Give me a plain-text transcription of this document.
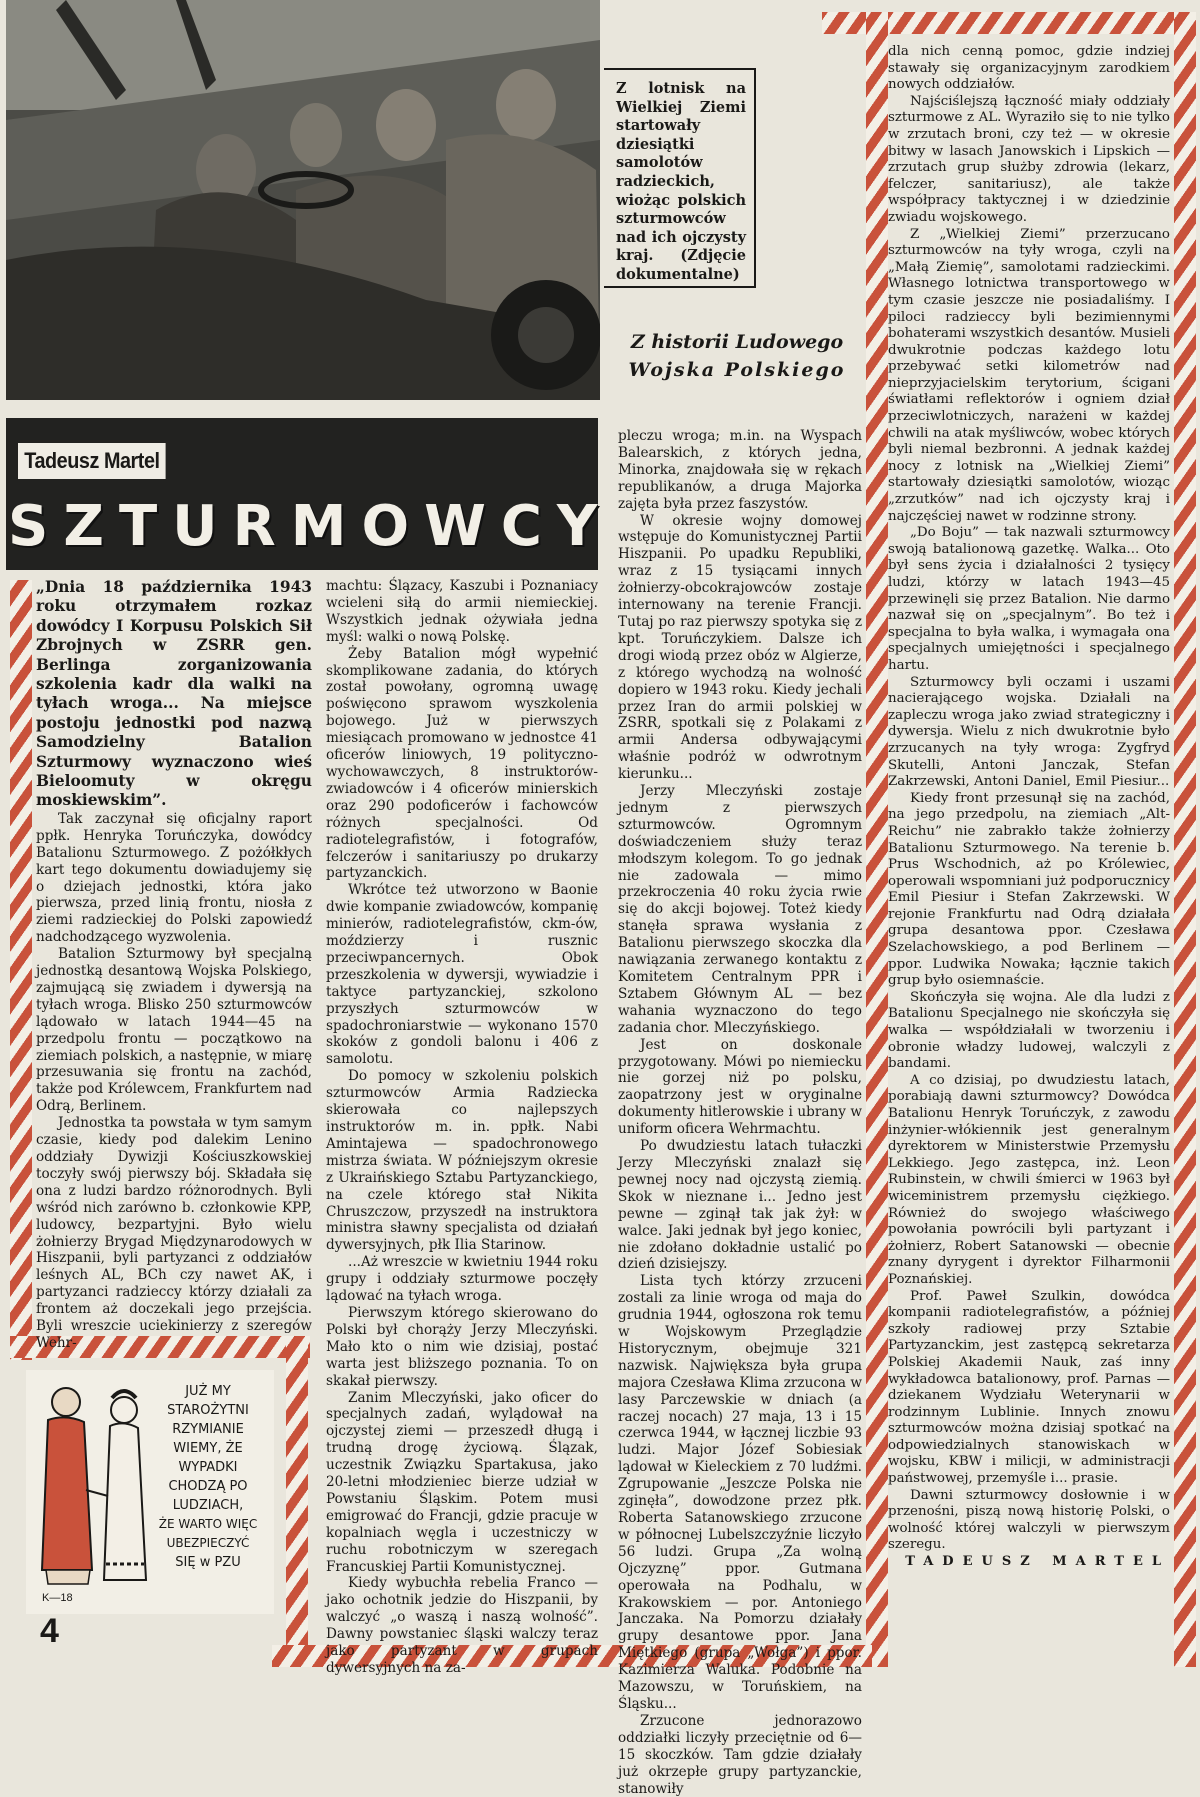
Z lotnisk na Wielkiej Ziemi startowały dziesiątki samolotów radzieckich, wiożąc polskich szturmowców nad ich ojczysty kraj. (Zdjęcie dokumentalne)
Z historii Ludowego
Wojska Polskiego
Tadeusz Martel
SZTURMOWCY

„Dnia 18 października 1943 roku otrzymałem rozkaz dowódcy I Korpusu Polskich Sił Zbrojnych w ZSRR gen. Berlinga zorganizowania szkolenia kadr dla walki na tyłach wroga... Na miejsce postoju jednostki pod nazwą Samodzielny Batalion Szturmowy wyznaczono wieś Bieloomuty w okręgu moskiewskim”.

Tak zaczynał się oficjalny raport ppłk. Henryka Toruńczyka, dowódcy Batalionu Szturmowego. Z pożółkłych kart tego dokumentu dowiadujemy się o dziejach jednostki, która jako pierwsza, przed linią frontu, niosła z ziemi radzieckiej do Polski zapowiedź nadchodzącego wyzwolenia.

Batalion Szturmowy był specjalną jednostką desantową Wojska Polskiego, zajmującą się zwiadem i dywersją na tyłach wroga. Blisko 250 szturmowców lądowało w latach 1944—45 na przedpolu frontu — początkowo na ziemiach polskich, a następnie, w miarę przesuwania się frontu na zachód, także pod Królewcem, Frankfurtem nad Odrą, Berlinem.

Jednostka ta powstała w tym samym czasie, kiedy pod dalekim Lenino oddziały Dywizji Kościuszkowskiej toczyły swój pierwszy bój. Składała się ona z ludzi bardzo różnorodnych. Byli wśród nich zarówno b. członkowie KPP, ludowcy, bezpartyjni. Było wielu żołnierzy Brygad Międzynarodowych w Hiszpanii, byli partyzanci z oddziałów leśnych AL, BCh czy nawet AK, i partyzanci radzieccy którzy działali za frontem aż doczekali jego przejścia. Byli wreszcie uciekinierzy z szeregów Wehr-

machtu: Ślązacy, Kaszubi i Poznaniacy wcieleni siłą do armii niemieckiej. Wszystkich jednak ożywiała jedna myśl: walki o nową Polskę.

Żeby Batalion mógł wypełnić skomplikowane zadania, do których został powołany, ogromną uwagę poświęcono sprawom wyszkolenia bojowego. Już w pierwszych miesiącach promowano w jednostce 41 oficerów liniowych, 19 polityczno-wychowawczych, 8 instruktorów-zwiadowców i 4 oficerów minierskich oraz 290 podoficerów i fachowców różnych specjalności. Od radiotelegrafistów, i fotografów, felczerów i sanitariuszy po drukarzy partyzanckich.

Wkrótce też utworzono w Baonie dwie kompanie zwiadowców, kompanię minierów, radiotelegrafistów, ckm-ów, moździerzy i rusznic przeciwpancernych. Obok przeszkolenia w dywersji, wywiadzie i taktyce partyzanckiej, szkolono przyszłych szturmowców w spadochroniarstwie — wykonano 1570 skoków z gondoli balonu i 406 z samolotu.

Do pomocy w szkoleniu polskich szturmowców Armia Radziecka skierowała co najlepszych instruktorów m. in. ppłk. Nabi Amintajewa — spadochronowego mistrza świata. W późniejszym okresie z Ukraińskiego Sztabu Partyzanckiego, na czele którego stał Nikita Chruszczow, przyszedł na instruktora ministra sławny specjalista od działań dywersyjnych, płk Ilia Starinow.

...Aż wreszcie w kwietniu 1944 roku grupy i oddziały szturmowe poczęły lądować na tyłach wroga.

Pierwszym którego skierowano do Polski był chorąży Jerzy Mleczyński. Mało kto o nim wie dzisiaj, postać warta jest bliższego poznania. To on skakał pierwszy.

Zanim Mleczyński, jako oficer do specjalnych zadań, wylądował na ojczystej ziemi — przeszedł długą i trudną drogę życiową. Ślązak, uczestnik Związku Spartakusa, jako 20-letni młodzieniec bierze udział w Powstaniu Śląskim. Potem musi emigrować do Francji, gdzie pracuje w kopalniach węgla i uczestniczy w ruchu robotniczym w szeregach Francuskiej Partii Komunistycznej.

Kiedy wybuchła rebelia Franco — jako ochotnik jedzie do Hiszpanii, by walczyć „o waszą i naszą wolność”. Dawny powstaniec śląski walczy teraz jako partyzant w grupach dywersyjnych na za-

pleczu wroga; m.in. na Wyspach Balearskich, z których jedna, Minorka, znajdowała się w rękach republikanów, a druga Majorka zajęta była przez faszystów.

W okresie wojny domowej wstępuje do Komunistycznej Partii Hiszpanii. Po upadku Republiki, wraz z 15 tysiącami innych żołnierzy-obcokrajowców zostaje internowany na terenie Francji. Tutaj po raz pierwszy spotyka się z kpt. Toruńczykiem. Dalsze ich drogi wiodą przez obóz w Algierze, z którego wychodzą na wolność dopiero w 1943 roku. Kiedy jechali przez Iran do armii polskiej w ZSRR, spotkali się z Polakami z armii Andersa odbywającymi właśnie podróż w odwrotnym kierunku...

Jerzy Mleczyński zostaje jednym z pierwszych szturmowców. Ogromnym doświadczeniem służy teraz młodszym kolegom. To go jednak nie zadowala — mimo przekroczenia 40 roku życia rwie się do akcji bojowej. Toteż kiedy stanęła sprawa wysłania z Batalionu pierwszego skoczka dla nawiązania zerwanego kontaktu z Komitetem Centralnym PPR i Sztabem Głównym AL — bez wahania wyznaczono do tego zadania chor. Mleczyńskiego.

Jest on doskonale przygotowany. Mówi po niemiecku nie gorzej niż po polsku, zaopatrzony jest w oryginalne dokumenty hitlerowskie i ubrany w uniform oficera Wehrmachtu.

Po dwudziestu latach tułaczki Jerzy Mleczyński znalazł się pewnej nocy nad ojczystą ziemią. Skok w nieznane i... Jedno jest pewne — zginął tak jak żył: w walce. Jaki jednak był jego koniec, nie zdołano dokładnie ustalić po dzień dzisiejszy.

Lista tych którzy zrzuceni zostali za linie wroga od maja do grudnia 1944, ogłoszona rok temu w Wojskowym Przeglądzie Historycznym, obejmuje 321 nazwisk. Największa była grupa majora Czesława Klima zrzucona w lasy Parczewskie w dniach (a raczej nocach) 27 maja, 13 i 15 czerwca 1944, w łącznej liczbie 93 ludzi. Major Józef Sobiesiak lądował w Kieleckiem z 70 ludźmi. Zgrupowanie „Jeszcze Polska nie zginęła”, dowodzone przez płk. Roberta Satanowskiego zrzucone w północnej Lubelszczyźnie liczyło 56 ludzi. Grupa „Za wolną Ojczyznę” ppor. Gutmana operowała na Podhalu, w Krakowskiem — por. Antoniego Janczaka. Na Pomorzu działały grupy desantowe ppor. Jana Miętkiego (grupa „Wołga”) i ppor. Kazimierza Waluka. Podobnie na Mazowszu, w Toruńskiem, na Śląsku...

Zrzucone jednorazowo oddziałki liczyły przeciętnie od 6—15 skoczków. Tam gdzie działały już okrzepłe grupy partyzanckie, stanowiły

dla nich cenną pomoc, gdzie indziej stawały się organizacyjnym zarodkiem nowych oddziałów.

Najściślejszą łączność miały oddziały szturmowe z AL. Wyraziło się to nie tylko w zrzutach broni, czy też — w okresie bitwy w lasach Janowskich i Lipskich — zrzutach grup służby zdrowia (lekarz, felczer, sanitariusz), ale także współpracy taktycznej i w dziedzinie zwiadu wojskowego.

Z „Wielkiej Ziemi” przerzucano szturmowców na tyły wroga, czyli na „Małą Ziemię”, samolotami radzieckimi. Własnego lotnictwa transportowego w tym czasie jeszcze nie posiadaliśmy. I piloci radzieccy byli bezimiennymi bohaterami wszystkich desantów. Musieli dwukrotnie podczas każdego lotu przebywać setki kilometrów nad nieprzyjacielskim terytorium, ścigani światłami reflektorów i ogniem dział przeciwlotniczych, narażeni w każdej chwili na atak myśliwców, wobec których byli niemal bezbronni. A jednak każdej nocy z lotnisk na „Wielkiej Ziemi” startowały dziesiątki samolotów, wioząc „zrzutków” nad ich ojczysty kraj i najczęściej nawet w rodzinne strony.

„Do Boju” — tak nazwali szturmowcy swoją batalionową gazetkę. Walka... Oto był sens życia i działalności 2 tysięcy ludzi, którzy w latach 1943—45 przewinęli się przez Batalion. Nie darmo nazwał się on „specjalnym”. Bo też i specjalna to była walka, i wymagała ona specjalnych umiejętności i specjalnego hartu.

Szturmowcy byli oczami i uszami nacierającego wojska. Działali na zapleczu wroga jako zwiad strategiczny i dywersja. Wielu z nich dwukrotnie było zrzucanych na tyły wroga: Zygfryd Skutelli, Antoni Janczak, Stefan Zakrzewski, Antoni Daniel, Emil Piesiur...

Kiedy front przesunął się na zachód, na jego przedpolu, na ziemiach „Alt-Reichu” nie zabrakło także żołnierzy Batalionu Szturmowego. Na terenie b. Prus Wschodnich, aż po Królewiec, operowali wspomniani już podporucznicy Emil Piesiur i Stefan Zakrzewski. W rejonie Frankfurtu nad Odrą działała grupa desantowa ppor. Czesława Szelachowskiego, a pod Berlinem — ppor. Ludwika Nowaka; łącznie takich grup było osiemnaście.

Skończyła się wojna. Ale dla ludzi z Batalionu Specjalnego nie skończyła się walka — współdziałali w tworzeniu i obronie władzy ludowej, walczyli z bandami.

A co dzisiaj, po dwudziestu latach, porabiają dawni szturmowcy? Dowódca Batalionu Henryk Toruńczyk, z zawodu inżynier-włókiennik jest generalnym dyrektorem w Ministerstwie Przemysłu Lekkiego. Jego zastępca, inż. Leon Rubinstein, w chwili śmierci w 1963 był wiceministrem przemysłu ciężkiego. Również do swojego właściwego powołania powrócili byli partyzant i żołnierz, Robert Satanowski — obecnie znany dyrygent i dyrektor Filharmonii Poznańskiej.

Prof. Paweł Szulkin, dowódca kompanii radiotelegrafistów, a później szkoły radiowej przy Sztabie Partyzanckim, jest zastępcą sekretarza Polskiej Akademii Nauk, zaś inny wykładowca batalionowy, prof. Parnas — dziekanem Wydziału Weterynarii w rodzinnym Lublinie. Innych znowu szturmowców można dzisiaj spotkać na odpowiedzialnych stanowiskach w wojsku, KBW i milicji, w administracji państwowej, przemyśle i... prasie.

Dawni szturmowcy dosłownie i w przenośni, piszą nową historię Polski, o wolność której walczyli w pierwszym szeregu.

TADEUSZ MARTEL

JUŻ MY
STAROŻYTNI
RZYMIANIE
WIEMY, ŻE
WYPADKI
CHODZĄ PO
LUDZIACH,
ŻE WARTO WIĘC
UBEZPIECZYĆ
SIĘ w PZU
K—18
4
